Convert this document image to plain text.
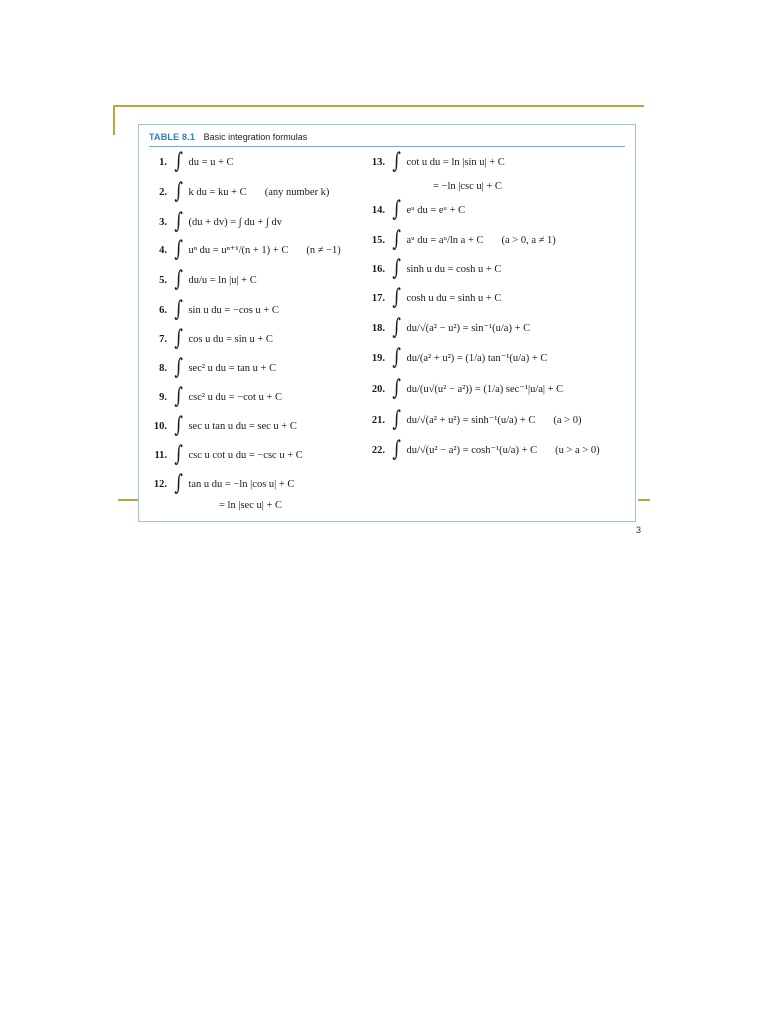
3
TABLE 8.1 Basic integration formulas
1. ∫ du = u + C
2. ∫ k du = ku + C (any number k)
3. ∫ (du + dv) = ∫ du + ∫ dv
4. ∫ uⁿ du = uⁿ⁺¹/(n + 1) + C (n ≠ −1)
5. ∫ du/u = ln |u| + C
6. ∫ sin u du = −cos u + C
7. ∫ cos u du = sin u + C
8. ∫ sec² u du = tan u + C
9. ∫ csc² u du = −cot u + C
10. ∫ sec u tan u du = sec u + C
11. ∫ csc u cot u du = −csc u + C
12. ∫ tan u du = −ln |cos u| + C
= ln |sec u| + C
13. ∫ cot u du = ln |sin u| + C
= −ln |csc u| + C
14. ∫ eᵘ du = eᵘ + C
15. ∫ aᵘ du = aᵘ/ln a + C (a > 0, a ≠ 1)
16. ∫ sinh u du = cosh u + C
17. ∫ cosh u du = sinh u + C
18. ∫ du/√(a² − u²) = sin⁻¹(u/a) + C
19. ∫ du/(a² + u²) = (1/a) tan⁻¹(u/a) + C
20. ∫ du/(u√(u² − a²)) = (1/a) sec⁻¹|u/a| + C
21. ∫ du/√(a² + u²) = sinh⁻¹(u/a) + C (a > 0)
22. ∫ du/√(u² − a²) = cosh⁻¹(u/a) + C (u > a > 0)
